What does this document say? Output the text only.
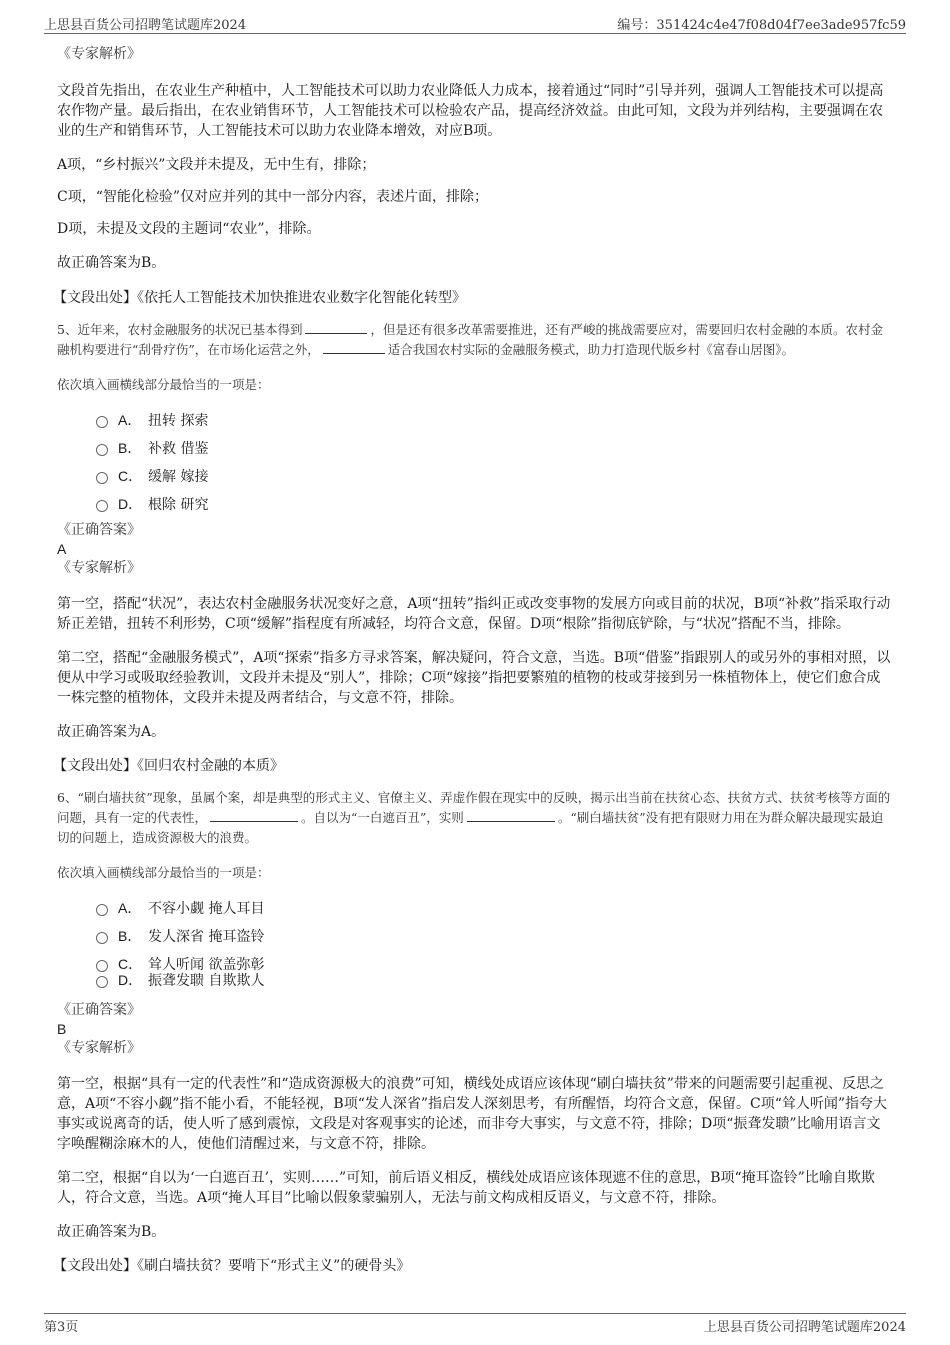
上思县百货公司招聘笔试题库2024	编号：351424c4e47f08d04f7ee3ade957fc59
《专家解析》

文段首先指出，在农业生产种植中，人工智能技术可以助力农业降低人力成本，接着通过“同时”引导并列，强调人工智能技术可以提高农作物产量。最后指出，在农业销售环节，人工智能技术可以检验农产品，提高经济效益。由此可知，文段为并列结构，主要强调在农业的生产和销售环节，人工智能技术可以助力农业降本增效，对应B项。

A项，“乡村振兴”文段并未提及，无中生有，排除；

C项，“智能化检验”仅对应并列的其中一部分内容，表述片面，排除；

D项，未提及文段的主题词“农业”，排除。

故正确答案为B。

【文段出处】《依托人工智能技术加快推进农业数字化智能化转型》

5、近年来，农村金融服务的状况已基本得到	，但是还有很多改革需要推进，还有严峻的挑战需要应对，需要回归农村金融的本质。农村金融机构要进行“刮骨疗伤”，在市场化运营之外，	适合我国农村实际的金融服务模式，助力打造现代版乡村《富春山居图》。

依次填入画横线部分最恰当的一项是：

A． 扭转 探索
B． 补救 借鉴
C． 缓解 嫁接
D． 根除 研究
《正确答案》
A
《专家解析》

第一空，搭配“状况”，表达农村金融服务状况变好之意，A项“扭转”指纠正或改变事物的发展方向或目前的状况，B项“补救”指采取行动矫正差错，扭转不利形势，C项“缓解”指程度有所减轻，均符合文意，保留。D项“根除”指彻底铲除，与“状况”搭配不当，排除。

第二空，搭配“金融服务模式”，A项“探索”指多方寻求答案，解决疑问，符合文意，当选。B项“借鉴”指跟别人的或另外的事相对照，以便从中学习或吸取经验教训，文段并未提及“别人”，排除；C项“嫁接”指把要繁殖的植物的枝或芽接到另一株植物体上，使它们愈合成一株完整的植物体，文段并未提及两者结合，与文意不符，排除。

故正确答案为A。

【文段出处】《回归农村金融的本质》

6、“刷白墙扶贫”现象，虽属个案，却是典型的形式主义、官僚主义、弄虚作假在现实中的反映，揭示出当前在扶贫心态、扶贫方式、扶贫考核等方面的问题，具有一定的代表性，	。自以为“一白遮百丑”，实则	。“刷白墙扶贫”没有把有限财力用在为群众解决最现实最迫切的问题上，造成资源极大的浪费。

依次填入画横线部分最恰当的一项是：

A． 不容小觑 掩人耳目
B． 发人深省 掩耳盗铃
C． 耸人听闻 欲盖弥彰
D． 振聋发聩 自欺欺人
《正确答案》
B
《专家解析》

第一空，根据“具有一定的代表性”和“造成资源极大的浪费”可知，横线处成语应该体现“刷白墙扶贫”带来的问题需要引起重视、反思之意，A项“不容小觑”指不能小看，不能轻视，B项“发人深省”指启发人深刻思考，有所醒悟，均符合文意，保留。C项“耸人听闻”指夸大事实或说离奇的话，使人听了感到震惊，文段是对客观事实的论述，而非夸大事实，与文意不符，排除；D项“振聋发聩”比喻用语言文字唤醒糊涂麻木的人，使他们清醒过来，与文意不符，排除。

第二空，根据“自以为‘一白遮百丑’，实则……”可知，前后语义相反，横线处成语应该体现遮不住的意思，B项“掩耳盗铃”比喻自欺欺人，符合文意，当选。A项“掩人耳目”比喻以假象蒙骗别人，无法与前文构成相反语义，与文意不符，排除。

故正确答案为B。

【文段出处】《刷白墙扶贫？要啃下“形式主义”的硬骨头》

第3页	上思县百货公司招聘笔试题库2024
